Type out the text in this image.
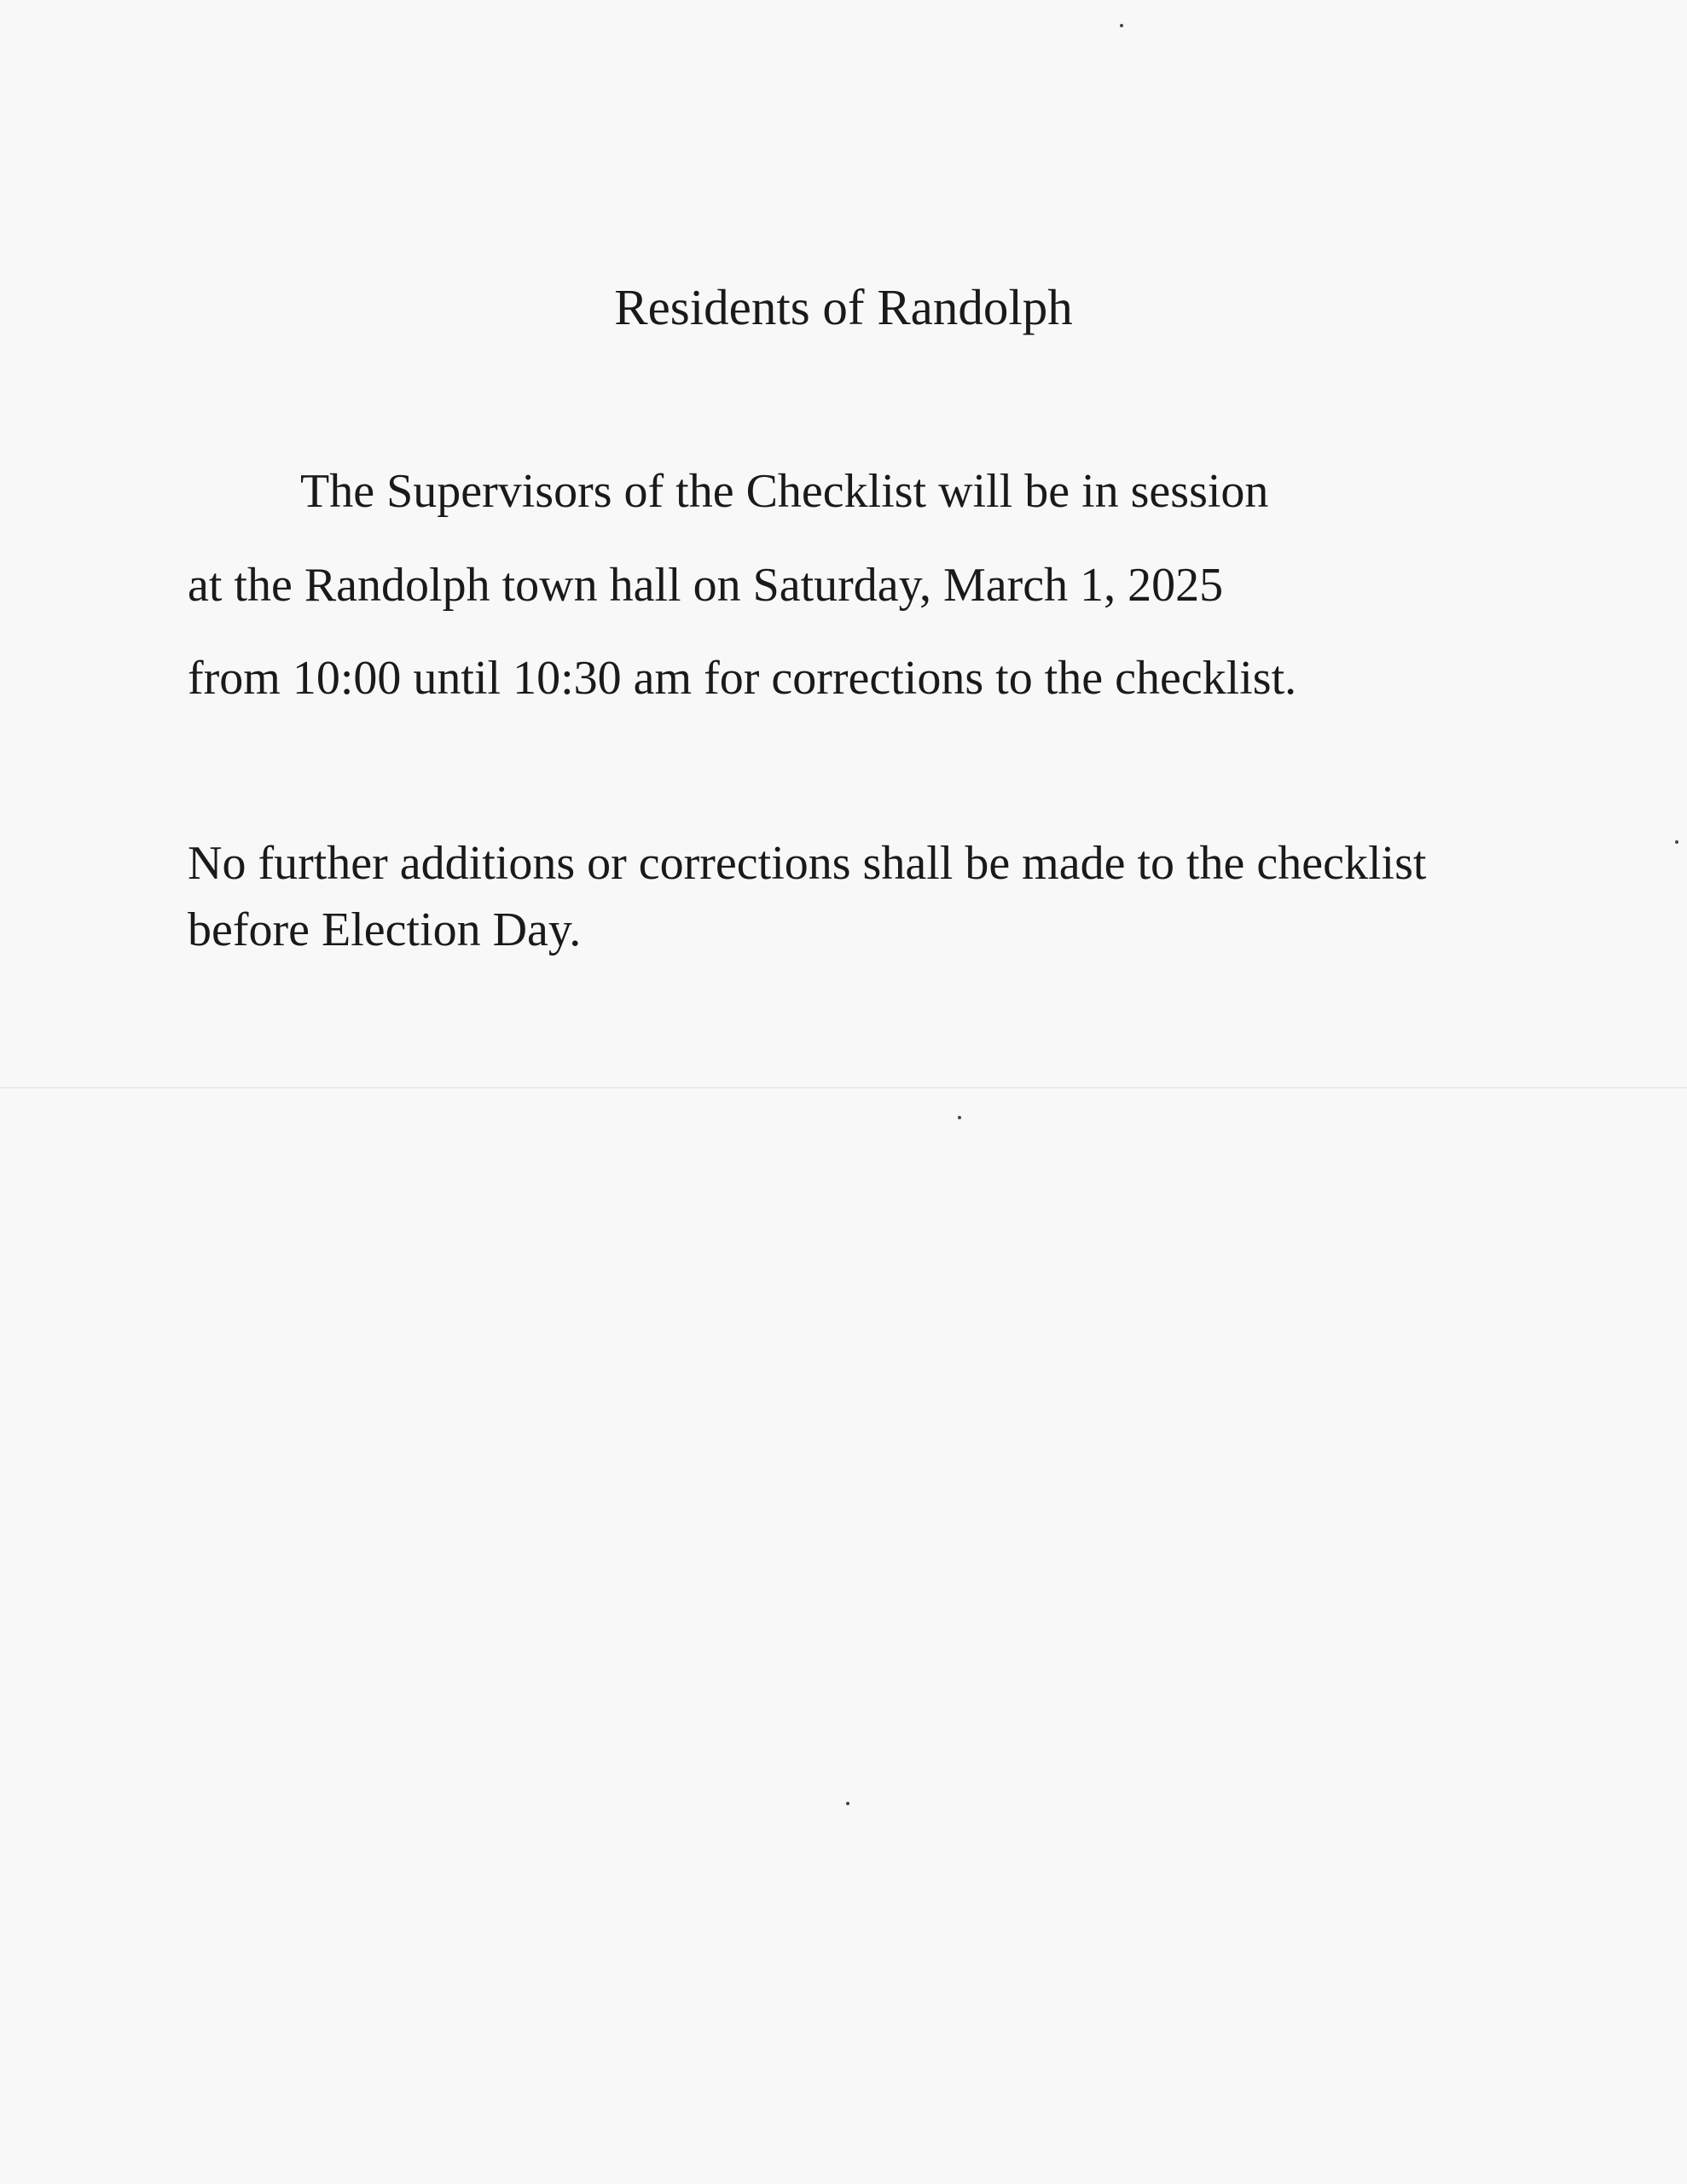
Residents of Randolph
The Supervisors of the Checklist will be in session
at the Randolph town hall on Saturday, March 1, 2025
from 10:00 until 10:30 am for corrections to the checklist.
No further additions or corrections shall be made to the checklist
before Election Day.
